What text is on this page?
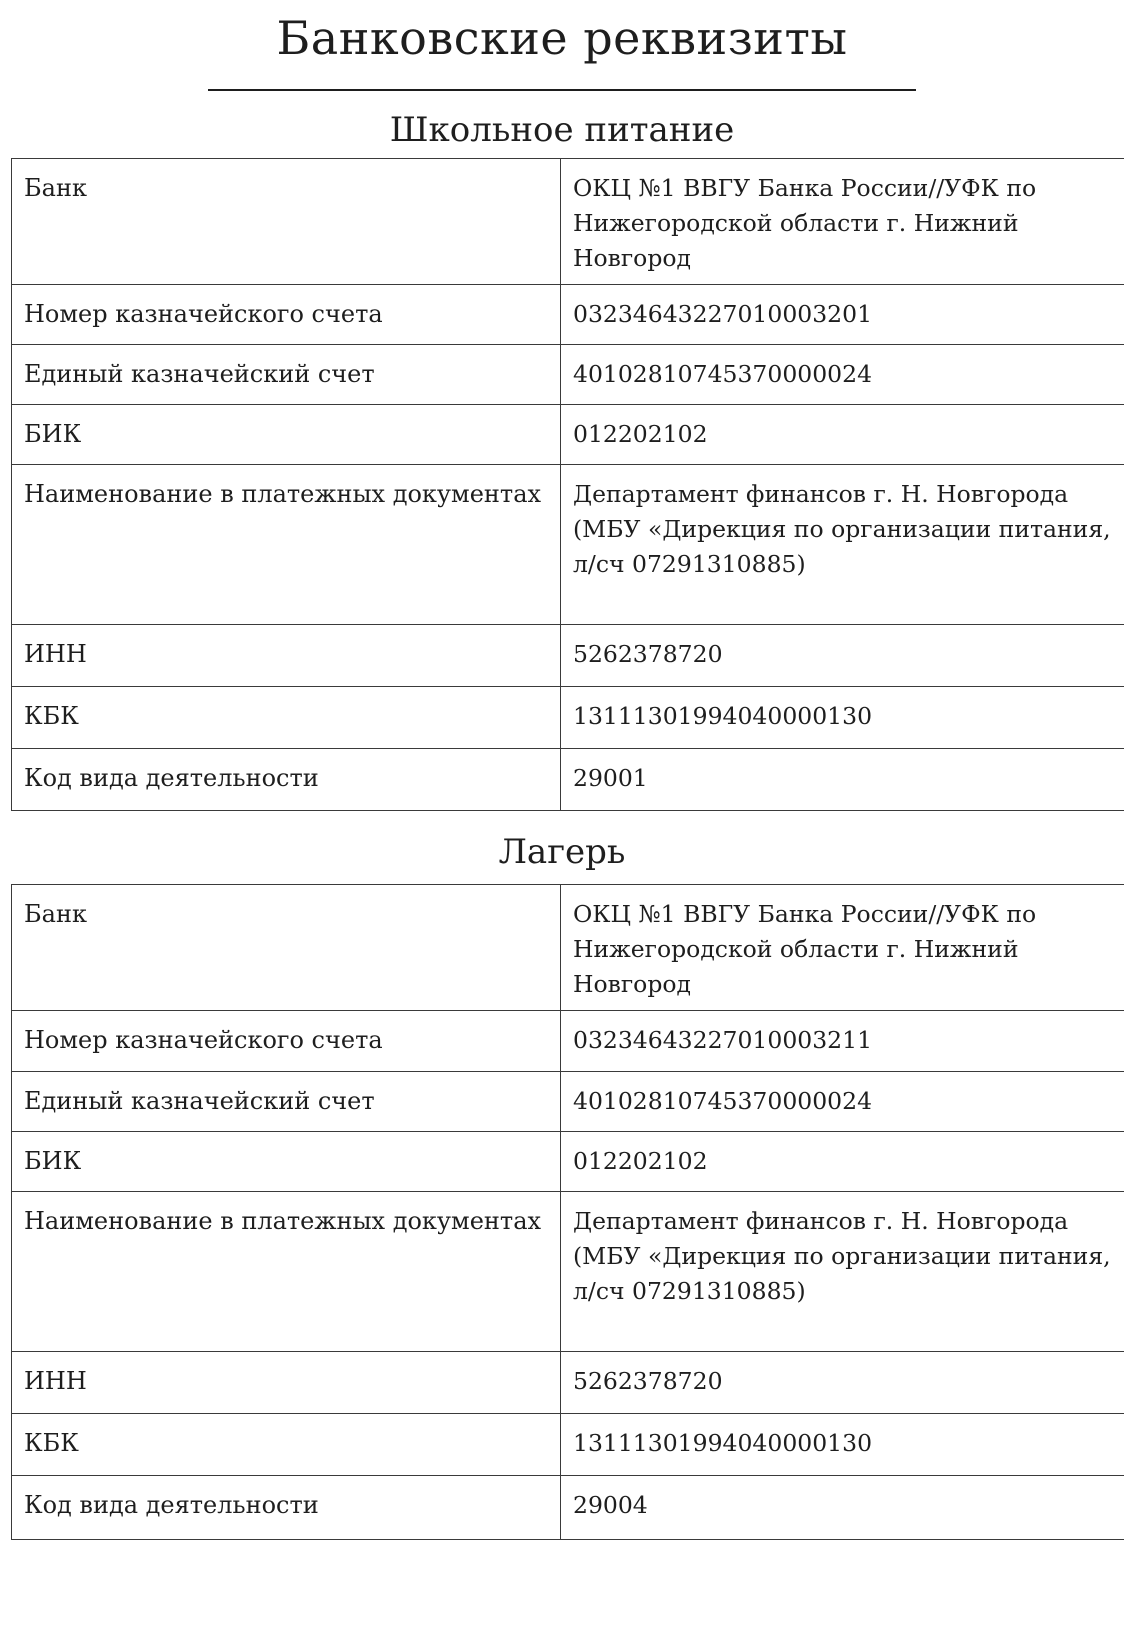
Банковские реквизиты
Школьное питание
Банк	ОКЦ №1 ВВГУ Банка России//УФК по Нижегородской области г. Нижний Новгород
Номер казначейского счета	03234643227010003201
Единый казначейский счет	40102810745370000024
БИК	012202102
Наименование в платежных документах	Департамент финансов г. Н. Новгорода (МБУ «Дирекция по организации питания, л/сч 07291310885)
ИНН	5262378720
КБК	13111301994040000130
Код вида деятельности	29001
Лагерь
Банк	ОКЦ №1 ВВГУ Банка России//УФК по Нижегородской области г. Нижний Новгород
Номер казначейского счета	03234643227010003211
Единый казначейский счет	40102810745370000024
БИК	012202102
Наименование в платежных документах	Департамент финансов г. Н. Новгорода (МБУ «Дирекция по организации питания, л/сч 07291310885)
ИНН	5262378720
КБК	13111301994040000130
Код вида деятельности	29004
